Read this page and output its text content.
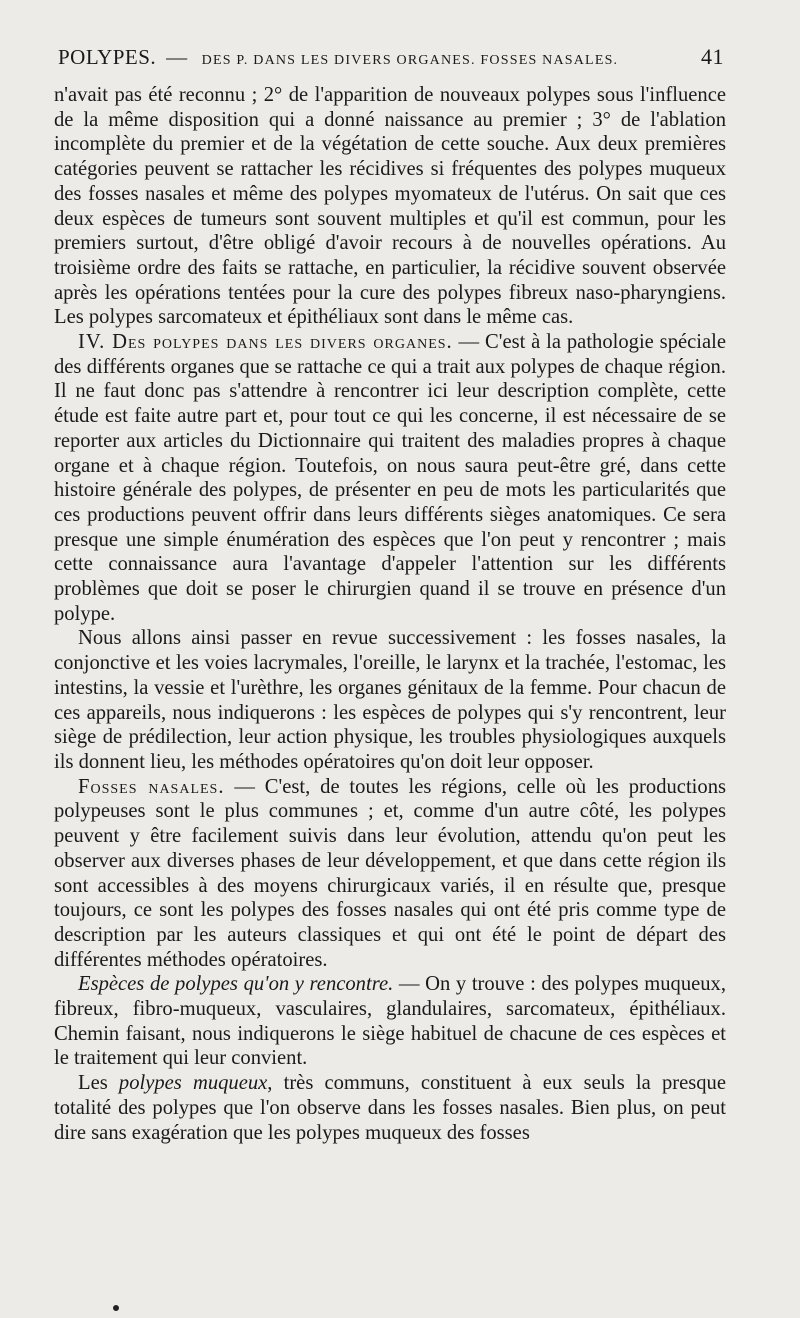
POLYPES. — DES P. DANS LES DIVERS ORGANES. FOSSES NASALES.	41

n'avait pas été reconnu ; 2° de l'apparition de nouveaux polypes sous l'influence de la même disposition qui a donné naissance au premier ; 3° de l'ablation incomplète du premier et de la végétation de cette souche. Aux deux premières catégories peuvent se rattacher les récidives si fréquentes des polypes muqueux des fosses nasales et même des polypes myomateux de l'utérus. On sait que ces deux espèces de tumeurs sont souvent multiples et qu'il est commun, pour les premiers surtout, d'être obligé d'avoir recours à de nouvelles opérations. Au troisième ordre des faits se rattache, en particulier, la récidive souvent observée après les opérations tentées pour la cure des polypes fibreux naso-pharyngiens. Les polypes sarcomateux et épithéliaux sont dans le même cas.

IV. Des polypes dans les divers organes. — C'est à la pathologie spéciale des différents organes que se rattache ce qui a trait aux polypes de chaque région. Il ne faut donc pas s'attendre à rencontrer ici leur description complète, cette étude est faite autre part et, pour tout ce qui les concerne, il est nécessaire de se reporter aux articles du Dictionnaire qui traitent des maladies propres à chaque organe et à chaque région. Toutefois, on nous saura peut-être gré, dans cette histoire générale des polypes, de présenter en peu de mots les particularités que ces productions peuvent offrir dans leurs différents sièges anatomiques. Ce sera presque une simple énumération des espèces que l'on peut y rencontrer ; mais cette connaissance aura l'avantage d'appeler l'attention sur les différents problèmes que doit se poser le chirurgien quand il se trouve en présence d'un polype.

Nous allons ainsi passer en revue successivement : les fosses nasales, la conjonctive et les voies lacrymales, l'oreille, le larynx et la trachée, l'estomac, les intestins, la vessie et l'urèthre, les organes génitaux de la femme. Pour chacun de ces appareils, nous indiquerons : les espèces de polypes qui s'y rencontrent, leur siège de prédilection, leur action physique, les troubles physiologiques auxquels ils donnent lieu, les méthodes opératoires qu'on doit leur opposer.

Fosses nasales. — C'est, de toutes les régions, celle où les productions polypeuses sont le plus communes ; et, comme d'un autre côté, les polypes peuvent y être facilement suivis dans leur évolution, attendu qu'on peut les observer aux diverses phases de leur développement, et que dans cette région ils sont accessibles à des moyens chirurgicaux variés, il en résulte que, presque toujours, ce sont les polypes des fosses nasales qui ont été pris comme type de description par les auteurs classiques et qui ont été le point de départ des différentes méthodes opératoires.

Espèces de polypes qu'on y rencontre. — On y trouve : des polypes muqueux, fibreux, fibro-muqueux, vasculaires, glandulaires, sarcomateux, épithéliaux. Chemin faisant, nous indiquerons le siège habituel de chacune de ces espèces et le traitement qui leur convient.

Les polypes muqueux, très communs, constituent à eux seuls la presque totalité des polypes que l'on observe dans les fosses nasales. Bien plus, on peut dire sans exagération que les polypes muqueux des fosses
